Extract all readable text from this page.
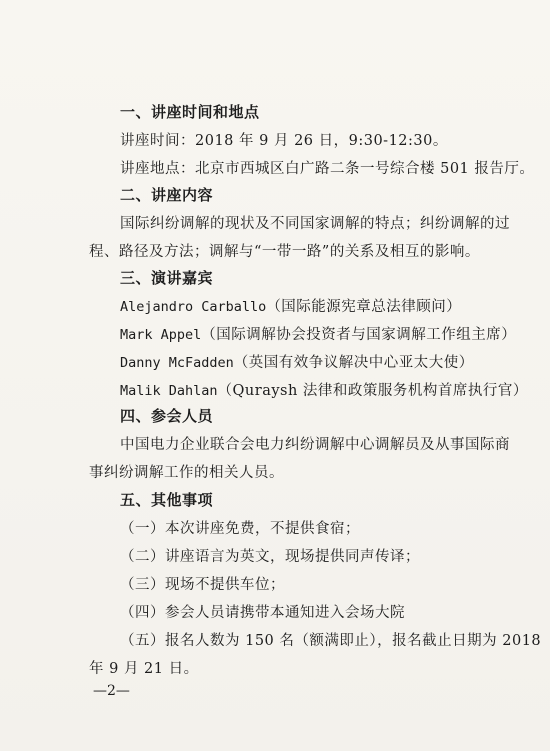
一、讲座时间和地点
讲座时间：2018 年 9 月 26 日，9:30-12:30。
讲座地点：北京市西城区白广路二条一号综合楼 501 报告厅。
二、讲座内容
国际纠纷调解的现状及不同国家调解的特点；纠纷调解的过
程、路径及方法；调解与“一带一路”的关系及相互的影响。
三、演讲嘉宾
Alejandro Carballo（国际能源宪章总法律顾问）
Mark Appel（国际调解协会投资者与国家调解工作组主席）
Danny McFadden（英国有效争议解决中心亚太大使）
Malik Dahlan（Quraysh 法律和政策服务机构首席执行官）
四、参会人员
中国电力企业联合会电力纠纷调解中心调解员及从事国际商
事纠纷调解工作的相关人员。
五、其他事项
（一）本次讲座免费，不提供食宿；
（二）讲座语言为英文，现场提供同声传译；
（三）现场不提供车位；
（四）参会人员请携带本通知进入会场大院
（五）报名人数为 150 名（额满即止），报名截止日期为 2018
年 9 月 21 日。
—2—
